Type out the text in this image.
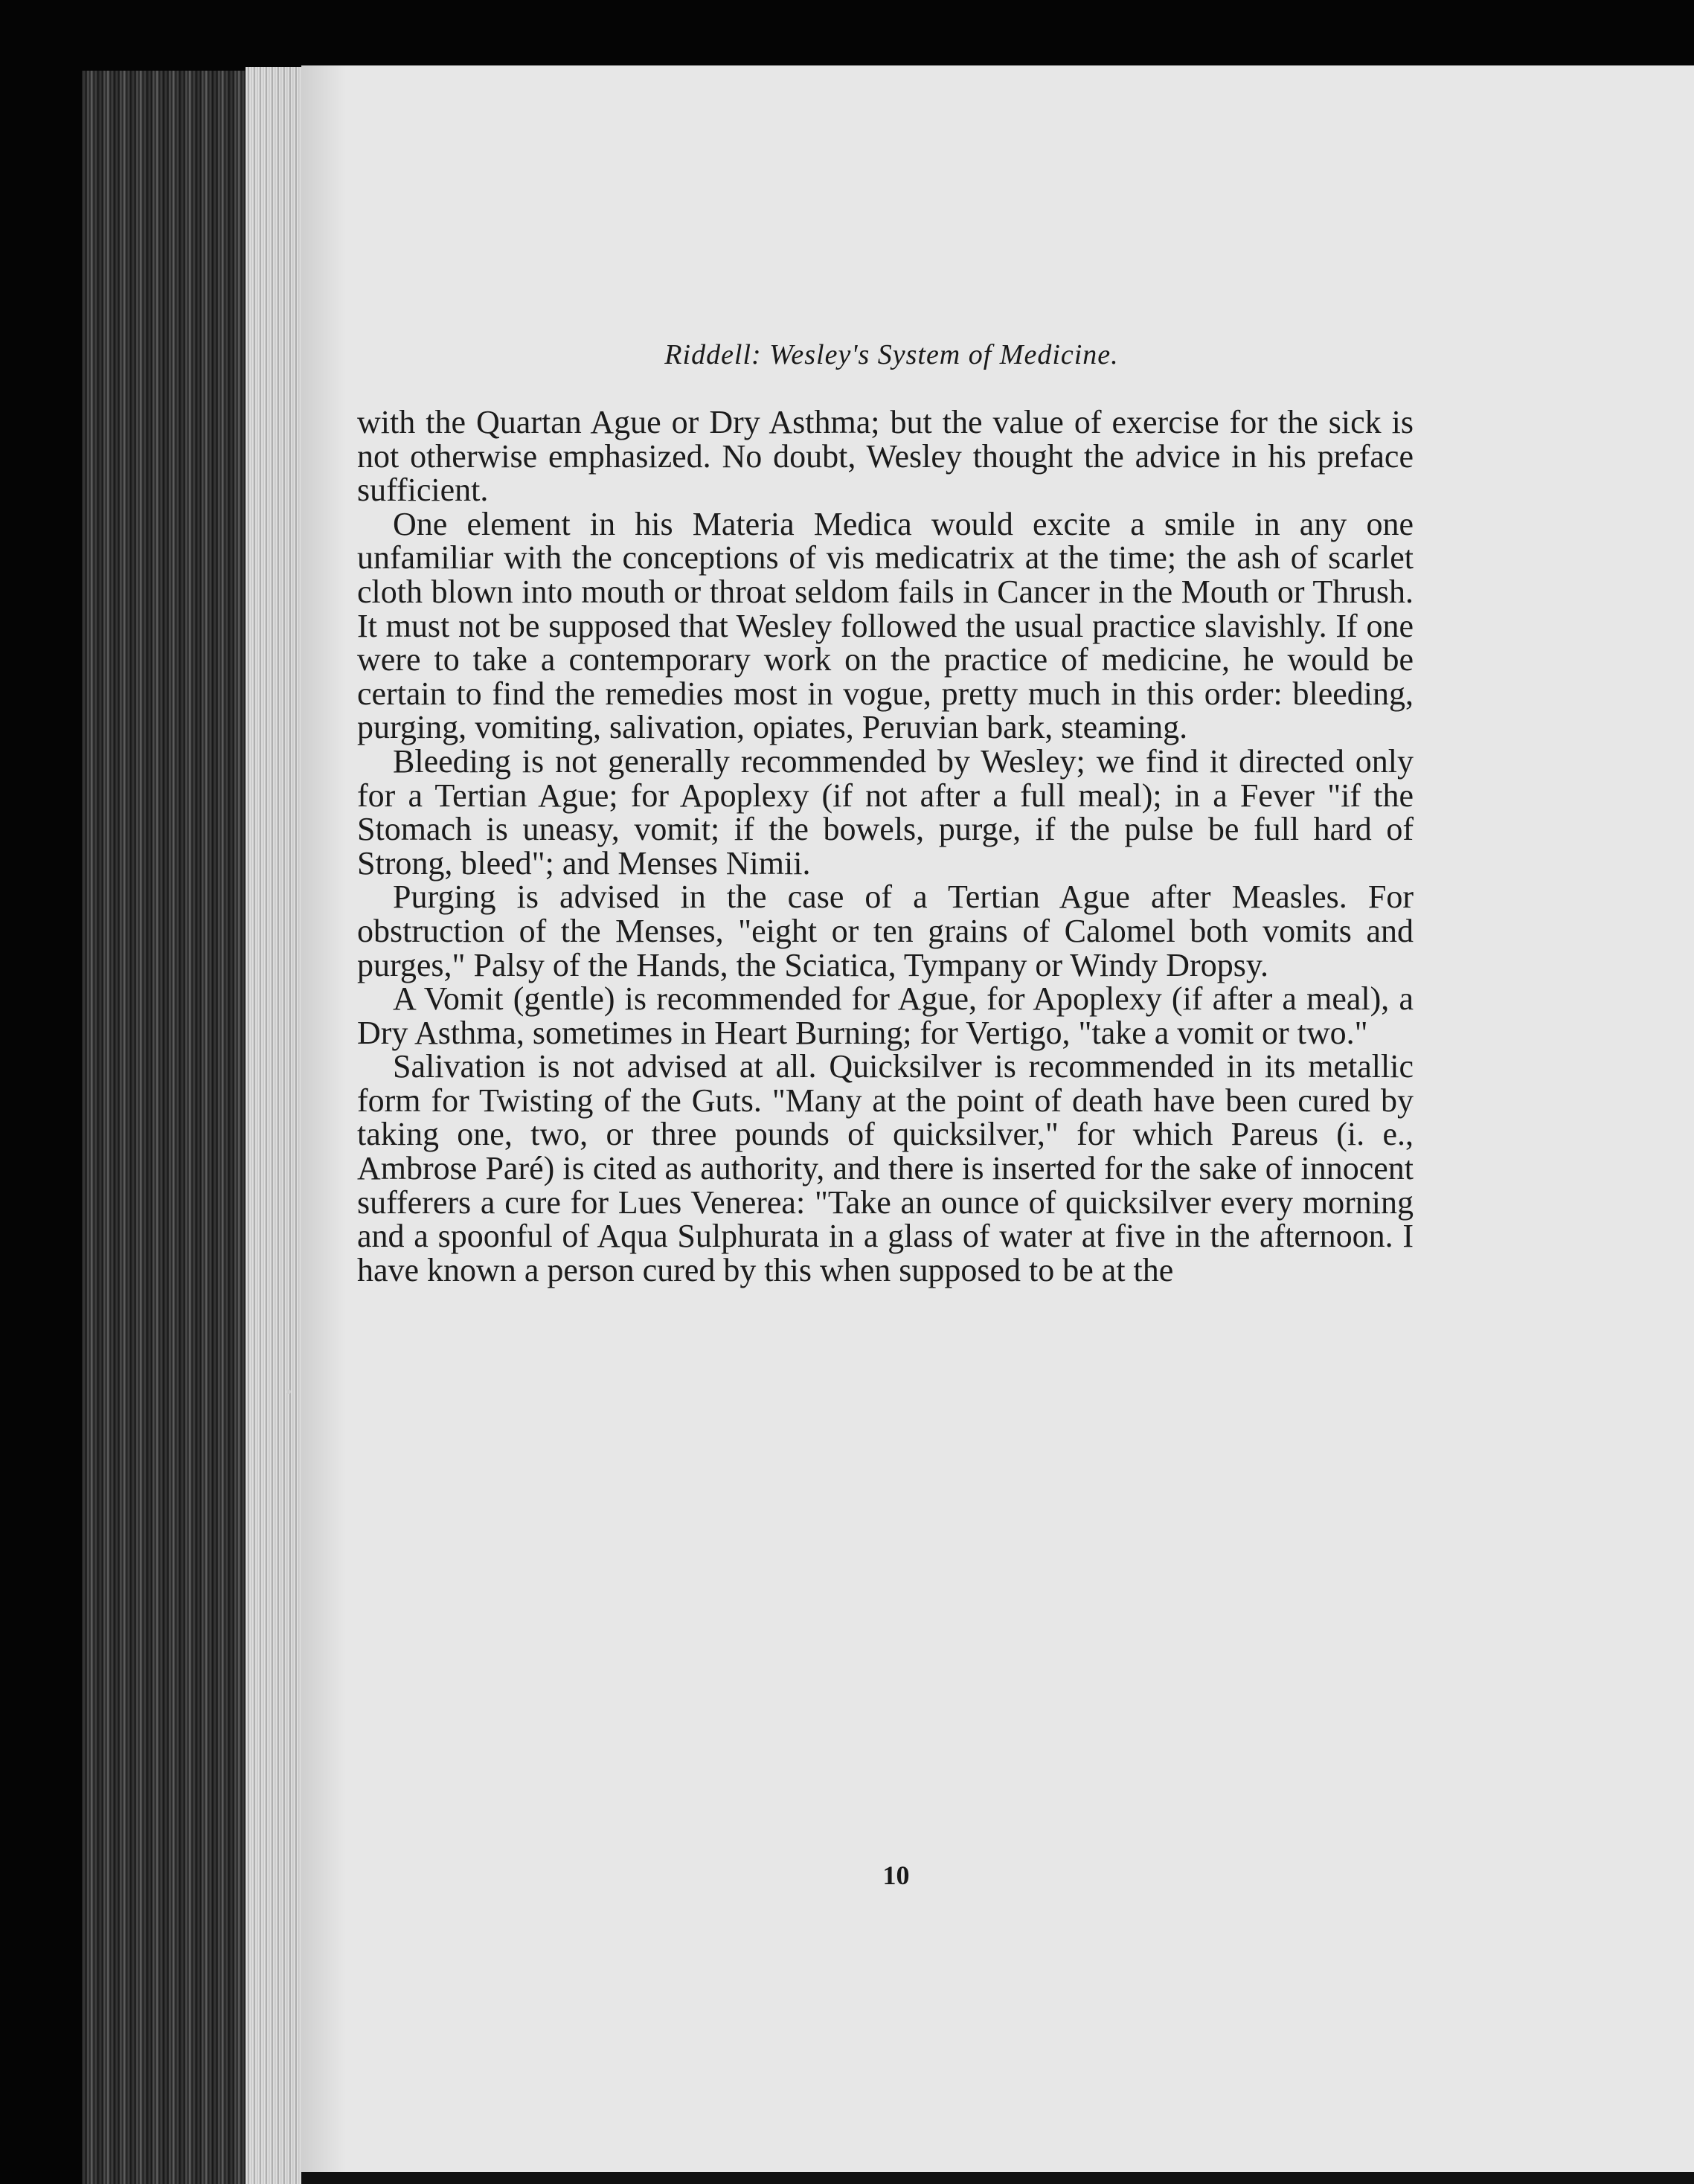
Riddell: Wesley's System of Medicine.

with the Quartan Ague or Dry Asthma; but the value of exercise for the sick is not otherwise emphasized. No doubt, Wesley thought the advice in his preface sufficient.

One element in his Materia Medica would excite a smile in any one unfamiliar with the conceptions of vis medicatrix at the time; the ash of scarlet cloth blown into mouth or throat seldom fails in Cancer in the Mouth or Thrush. It must not be supposed that Wesley followed the usual practice slavishly. If one were to take a contemporary work on the practice of medicine, he would be certain to find the remedies most in vogue, pretty much in this order: bleeding, purging, vomiting, salivation, opiates, Peruvian bark, steaming.

Bleeding is not generally recommended by Wesley; we find it directed only for a Tertian Ague; for Apoplexy (if not after a full meal); in a Fever "if the Stomach is uneasy, vomit; if the bowels, purge, if the pulse be full hard of Strong, bleed"; and Menses Nimii.

Purging is advised in the case of a Tertian Ague after Measles. For obstruction of the Menses, "eight or ten grains of Calomel both vomits and purges," Palsy of the Hands, the Sciatica, Tympany or Windy Dropsy.

A Vomit (gentle) is recommended for Ague, for Apoplexy (if after a meal), a Dry Asthma, sometimes in Heart Burning; for Vertigo, "take a vomit or two."

Salivation is not advised at all. Quicksilver is recommended in its metallic form for Twisting of the Guts. "Many at the point of death have been cured by taking one, two, or three pounds of quicksilver," for which Pareus (i. e., Ambrose Paré) is cited as authority, and there is inserted for the sake of innocent sufferers a cure for Lues Venerea: "Take an ounce of quicksilver every morning and a spoonful of Aqua Sulphurata in a glass of water at five in the afternoon. I have known a person cured by this when supposed to be at the

10
